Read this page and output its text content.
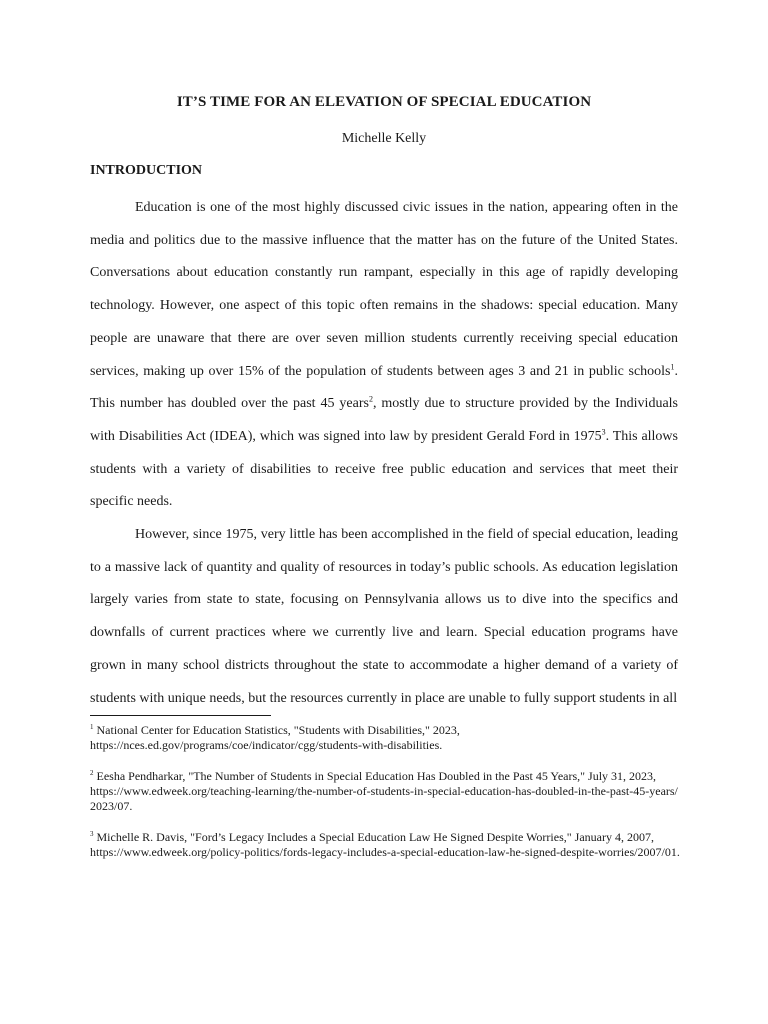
IT’S TIME FOR AN ELEVATION OF SPECIAL EDUCATION
Michelle Kelly
INTRODUCTION

Education is one of the most highly discussed civic issues in the nation, appearing often in the media and politics due to the massive influence that the matter has on the future of the United States. Conversations about education constantly run rampant, especially in this age of rapidly developing technology. However, one aspect of this topic often remains in the shadows: special education. Many people are unaware that there are over seven million students currently receiving special education services, making up over 15% of the population of students between ages 3 and 21 in public schools$^1$. This number has doubled over the past 45 years$^2$, mostly due to structure provided by the Individuals with Disabilities Act (IDEA), which was signed into law by president Gerald Ford in 1975$^3$. This allows students with a variety of disabilities to receive free public education and services that meet their specific needs.

However, since 1975, very little has been accomplished in the field of special education, leading to a massive lack of quantity and quality of resources in today’s public schools. As education legislation largely varies from state to state, focusing on Pennsylvania allows us to dive into the specifics and downfalls of current practices where we currently live and learn. Special education programs have grown in many school districts throughout the state to accommodate a higher demand of a variety of students with unique needs, but the resources currently in place are unable to fully support students in all

$^1$ National Center for Education Statistics, "Students with Disabilities," 2023,
https://nces.ed.gov/programs/coe/indicator/cgg/students-with-disabilities.
$^2$ Eesha Pendharkar, "The Number of Students in Special Education Has Doubled in the Past 45 Years," July 31, 2023,
https://www.edweek.org/teaching-learning/the-number-of-students-in-special-education-has-doubled-in-the-past-45-years/2023/07.
$^3$ Michelle R. Davis, "Ford’s Legacy Includes a Special Education Law He Signed Despite Worries," January 4, 2007,
https://www.edweek.org/policy-politics/fords-legacy-includes-a-special-education-law-he-signed-despite-worries/2007/01.
